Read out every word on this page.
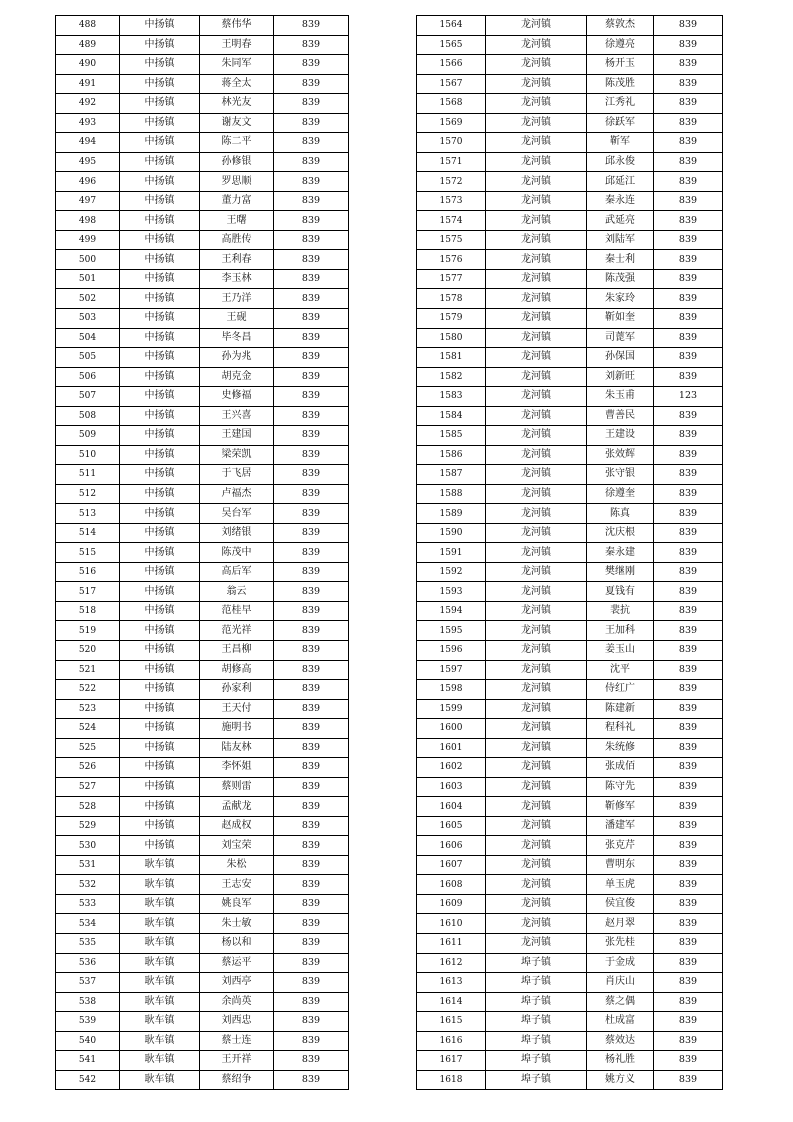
488	中扬镇	蔡伟华	839
489	中扬镇	王明春	839
490	中扬镇	朱同军	839
491	中扬镇	蒋全太	839
492	中扬镇	林光友	839
493	中扬镇	谢友文	839
494	中扬镇	陈二平	839
495	中扬镇	孙修银	839
496	中扬镇	罗思顺	839
497	中扬镇	董力富	839
498	中扬镇	王曙	839
499	中扬镇	高胜传	839
500	中扬镇	王利春	839
501	中扬镇	李玉林	839
502	中扬镇	王乃洋	839
503	中扬镇	王砚	839
504	中扬镇	毕冬昌	839
505	中扬镇	孙为兆	839
506	中扬镇	胡克金	839
507	中扬镇	史修福	839
508	中扬镇	王兴喜	839
509	中扬镇	王建国	839
510	中扬镇	梁荣凯	839
511	中扬镇	于飞居	839
512	中扬镇	卢福杰	839
513	中扬镇	吴台军	839
514	中扬镇	刘绪银	839
515	中扬镇	陈茂中	839
516	中扬镇	高后军	839
517	中扬镇	翁云	839
518	中扬镇	范桂早	839
519	中扬镇	范光祥	839
520	中扬镇	王昌柳	839
521	中扬镇	胡修高	839
522	中扬镇	孙家利	839
523	中扬镇	王天付	839
524	中扬镇	施明书	839
525	中扬镇	陆友林	839
526	中扬镇	李怀姐	839
527	中扬镇	蔡则雷	839
528	中扬镇	孟献龙	839
529	中扬镇	赵成权	839
530	中扬镇	刘宝荣	839
531	耿车镇	朱松	839
532	耿车镇	王志安	839
533	耿车镇	姚良军	839
534	耿车镇	朱士敏	839
535	耿车镇	杨以和	839
536	耿车镇	蔡运平	839
537	耿车镇	刘西亭	839
538	耿车镇	余尚英	839
539	耿车镇	刘西忠	839
540	耿车镇	蔡士连	839
541	耿车镇	王开祥	839
542	耿车镇	蔡绍争	839
1564	龙河镇	蔡敦杰	839
1565	龙河镇	徐遵亮	839
1566	龙河镇	杨开玉	839
1567	龙河镇	陈茂胜	839
1568	龙河镇	江秀礼	839
1569	龙河镇	徐跃军	839
1570	龙河镇	靳军	839
1571	龙河镇	邱永俊	839
1572	龙河镇	邱延江	839
1573	龙河镇	秦永连	839
1574	龙河镇	武延亮	839
1575	龙河镇	刘陆军	839
1576	龙河镇	秦士利	839
1577	龙河镇	陈茂强	839
1578	龙河镇	朱家玲	839
1579	龙河镇	靳如奎	839
1580	龙河镇	司蓖军	839
1581	龙河镇	孙保国	839
1582	龙河镇	刘新旺	839
1583	龙河镇	朱玉甫	123
1584	龙河镇	曹善民	839
1585	龙河镇	王建设	839
1586	龙河镇	张效辉	839
1587	龙河镇	张守银	839
1588	龙河镇	徐遵奎	839
1589	龙河镇	陈真	839
1590	龙河镇	沈庆根	839
1591	龙河镇	秦永建	839
1592	龙河镇	樊继刚	839
1593	龙河镇	夏钱有	839
1594	龙河镇	裴抗	839
1595	龙河镇	王加科	839
1596	龙河镇	姜玉山	839
1597	龙河镇	沈平	839
1598	龙河镇	侍红广	839
1599	龙河镇	陈建新	839
1600	龙河镇	程科礼	839
1601	龙河镇	朱统修	839
1602	龙河镇	张成佰	839
1603	龙河镇	陈守先	839
1604	龙河镇	靳修军	839
1605	龙河镇	潘建军	839
1606	龙河镇	张克芹	839
1607	龙河镇	曹明东	839
1608	龙河镇	单玉虎	839
1609	龙河镇	侯宜俊	839
1610	龙河镇	赵月翠	839
1611	龙河镇	张先桂	839
1612	埠子镇	于金成	839
1613	埠子镇	肖庆山	839
1614	埠子镇	蔡之偶	839
1615	埠子镇	杜成富	839
1616	埠子镇	蔡效达	839
1617	埠子镇	杨礼胜	839
1618	埠子镇	姚方义	839
